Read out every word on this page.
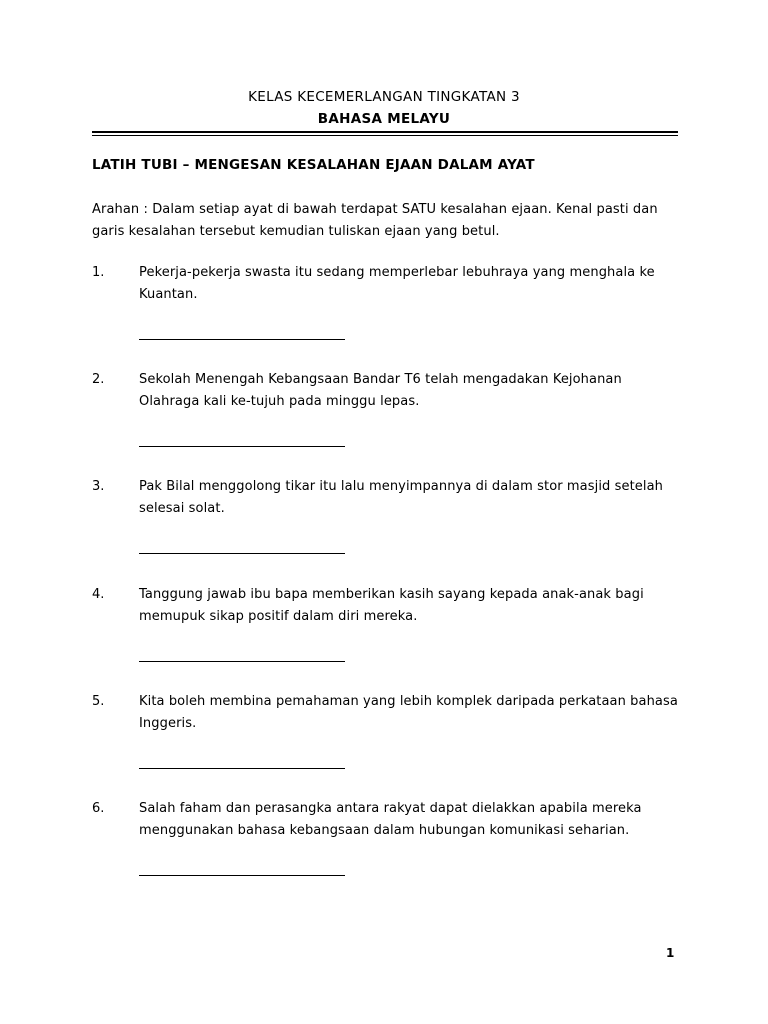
KELAS KECEMERLANGAN TINGKATAN 3
BAHASA MELAYU
LATIH TUBI – MENGESAN KESALAHAN EJAAN DALAM AYAT
Arahan : Dalam setiap ayat di bawah terdapat SATU kesalahan ejaan. Kenal pasti dan garis kesalahan tersebut kemudian tuliskan ejaan yang betul.
1.	Pekerja-pekerja swasta itu sedang memperlebar lebuhraya yang menghala ke Kuantan.
2.	Sekolah Menengah Kebangsaan Bandar T6 telah mengadakan Kejohanan Olahraga kali ke-tujuh pada minggu lepas.
3.	Pak Bilal menggolong tikar itu lalu menyimpannya di dalam stor masjid setelah selesai solat.
4.	Tanggung jawab ibu bapa memberikan kasih sayang kepada anak-anak bagi memupuk sikap positif dalam diri mereka.
5.	Kita boleh membina pemahaman yang lebih komplek daripada perkataan bahasa Inggeris.
6.	Salah faham dan perasangka antara rakyat dapat dielakkan apabila mereka menggunakan bahasa kebangsaan dalam hubungan komunikasi seharian.
1
